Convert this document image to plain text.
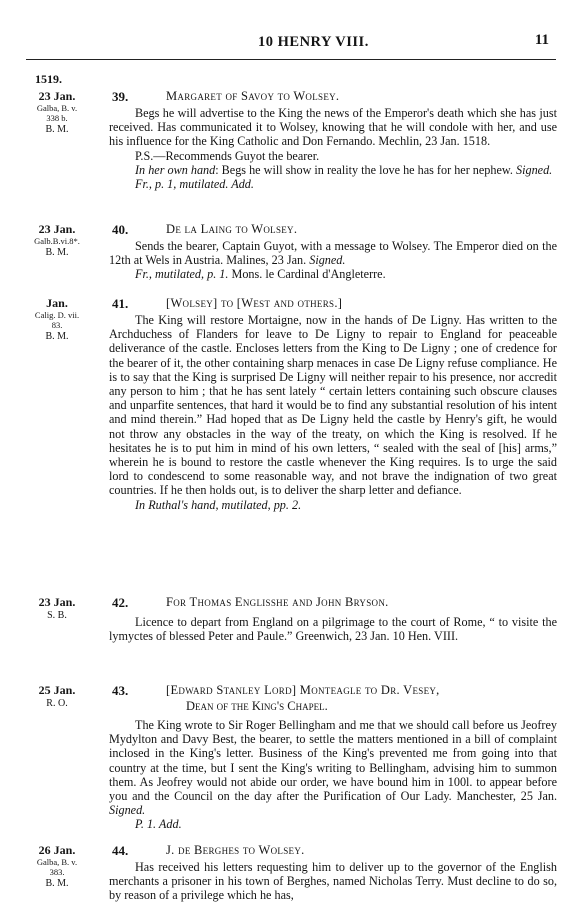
10 HENRY VIII.	11
1519.
23 Jan.
Galba, B. v.
338 b.
B. M.
39.	Margaret of Savoy to Wolsey.

Begs he will advertise to the King the news of the Emperor's death which she has just received. Has communicated it to Wolsey, knowing that he will condole with her, and use his influence for the King Catholic and Don Fernando. Mechlin, 23 Jan. 1518.

P.S.—Recommends Guyot the bearer.

In her own hand: Begs he will show in reality the love he has for her nephew. Signed.

Fr., p. 1, mutilated. Add.
23 Jan.
Galb.B.vi.8*.
B. M.
40.	De la Laing to Wolsey.

Sends the bearer, Captain Guyot, with a message to Wolsey. The Emperor died on the 12th at Wels in Austria. Malines, 23 Jan. Signed.

Fr., mutilated, p. 1. Mons. le Cardinal d'Angleterre.
Jan.
Calig. D. vii.
83.
B. M.
41.	[Wolsey] to [West and others.]

The King will restore Mortaigne, now in the hands of De Ligny. Has written to the Archduchess of Flanders for leave to De Ligny to repair to England for peaceable deliverance of the castle. Encloses letters from the King to De Ligny ; one of credence for the bearer of it, the other containing sharp menaces in case De Ligny refuse compliance. He is to say that the King is surprised De Ligny will neither repair to his presence, nor accredit any person to him ; that he has sent lately “ certain letters containing such obscure clauses and unparfite sentences, that hard it would be to find any substantial resolution of his intent and mind therein.” Had hoped that as De Ligny held the castle by Henry's gift, he would not throw any obstacles in the way of the treaty, on which the King is resolved. If he hesitates he is to put him in mind of his own letters, “ sealed with the seal of [his] arms,” wherein he is bound to restore the castle whenever the King requires. Is to urge the said lord to condescend to some reasonable way, and not brave the indignation of two great countries. If he then holds out, is to deliver the sharp letter and defiance.

In Ruthal's hand, mutilated, pp. 2.
23 Jan.
S. B.
42.	For Thomas Englisshe and John Bryson.

Licence to depart from England on a pilgrimage to the court of Rome, “ to visite the lymyctes of blessed Peter and Paule.” Greenwich, 23 Jan. 10 Hen. VIII.

25 Jan.
R. O.
43.	[Edward Stanley Lord] Monteagle to Dr. Vesey,
Dean of the King's Chapel.

The King wrote to Sir Roger Bellingham and me that we should call before us Jeofrey Mydylton and Davy Best, the bearer, to settle the matters mentioned in a bill of complaint inclosed in the King's letter. Business of the King's prevented me from going into that country at the time, but I sent the King's writing to Bellingham, advising him to summon them. As Jeofrey would not abide our order, we have bound him in 100l. to appear before you and the Council on the day after the Purification of Our Lady. Manchester, 25 Jan. Signed.

P. 1. Add.
26 Jan.
Galba, B. v.
383.
B. M.
44.	J. de Berghes to Wolsey.

Has received his letters requesting him to deliver up to the governor of the English merchants a prisoner in his town of Berghes, named Nicholas Terry. Must decline to do so, by reason of a privilege which he has,
